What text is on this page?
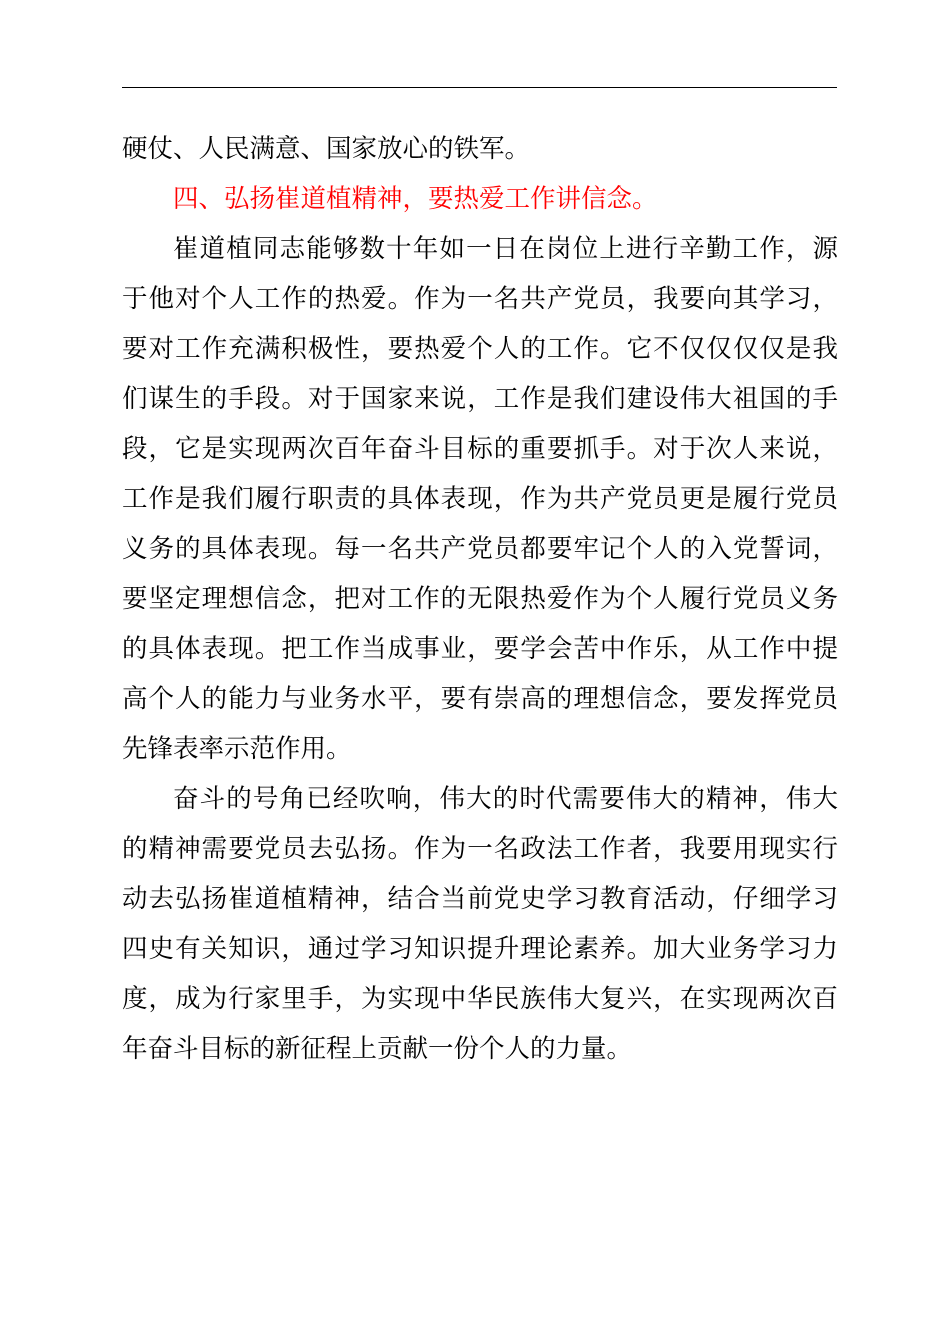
硬仗、人民满意、国家放心的铁军。
四、弘扬崔道植精神，要热爱工作讲信念。
崔道植同志能够数十年如一日在岗位上进行辛勤工作，源
于他对个人工作的热爱。作为一名共产党员，我要向其学习，
要对工作充满积极性，要热爱个人的工作。它不仅仅仅仅是我
们谋生的手段。对于国家来说，工作是我们建设伟大祖国的手
段，它是实现两次百年奋斗目标的重要抓手。对于次人来说，
工作是我们履行职责的具体表现，作为共产党员更是履行党员
义务的具体表现。每一名共产党员都要牢记个人的入党誓词，
要坚定理想信念，把对工作的无限热爱作为个人履行党员义务
的具体表现。把工作当成事业，要学会苦中作乐，从工作中提
高个人的能力与业务水平，要有崇高的理想信念，要发挥党员
先锋表率示范作用。
奋斗的号角已经吹响，伟大的时代需要伟大的精神，伟大
的精神需要党员去弘扬。作为一名政法工作者，我要用现实行
动去弘扬崔道植精神，结合当前党史学习教育活动，仔细学习
四史有关知识，通过学习知识提升理论素养。加大业务学习力
度，成为行家里手，为实现中华民族伟大复兴，在实现两次百
年奋斗目标的新征程上贡献一份个人的力量。
